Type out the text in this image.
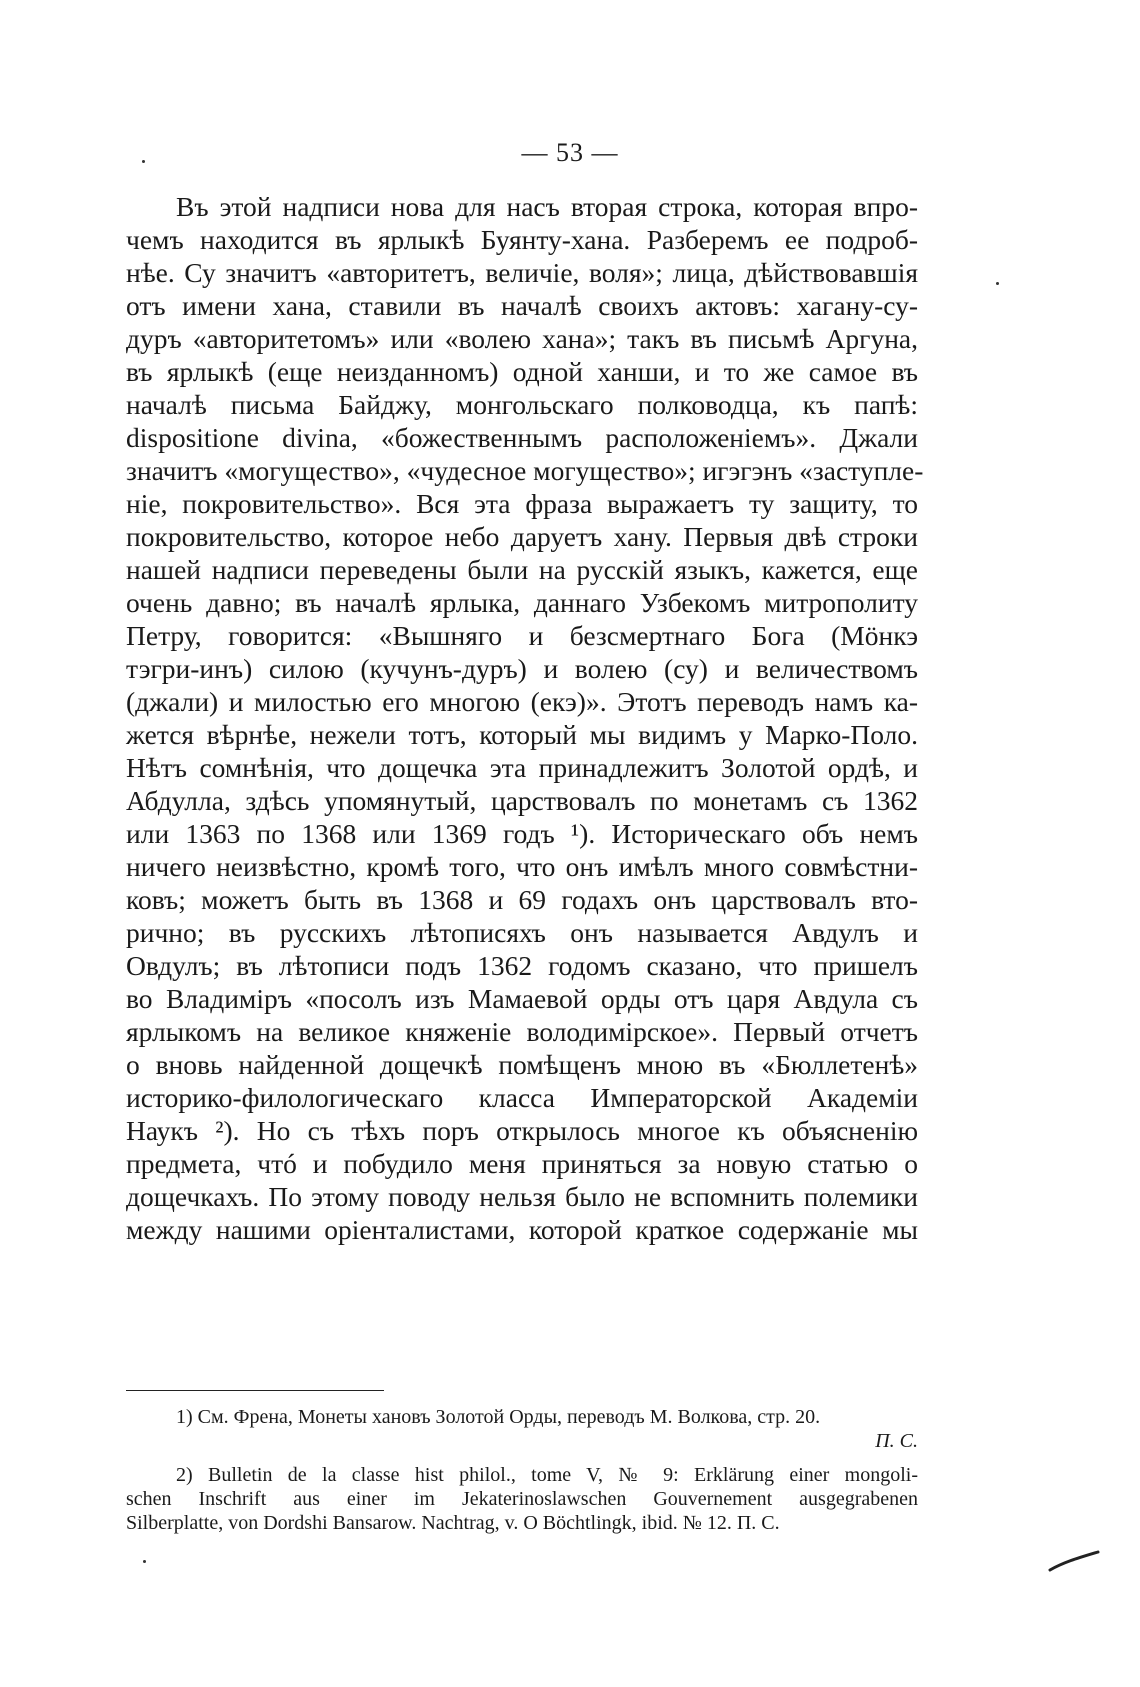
— 53 —
Въ этой надписи нова для насъ вторая строка, которая впро-
чемъ находится въ ярлыкѣ Буянту-хана. Разберемъ ее подроб-
нѣе. Су значитъ «авторитетъ, величіе, воля»; лица, дѣйствовавшія
отъ имени хана, ставили въ началѣ своихъ актовъ: хагану-су-
дуръ «авторитетомъ» или «волею хана»; такъ въ письмѣ Аргуна,
въ ярлыкѣ (еще неизданномъ) одной ханши, и то же самое въ
началѣ письма Байджу, монгольскаго полководца, къ папѣ:
dispositione divina, «божественнымъ расположеніемъ». Джали
значитъ «могущество», «чудесное могущество»; игэгэнъ «заступле-
ніе, покровительство». Вся эта фраза выражаетъ ту защиту, то
покровительство, которое небо даруетъ хану. Первыя двѣ строки
нашей надписи переведены были на русскій языкъ, кажется, еще
очень давно; въ началѣ ярлыка, даннаго Узбекомъ митрополиту
Петру, говорится: «Вышняго и безсмертнаго Бога (Мöнкэ
тэгри-инъ) силою (кучунъ-дуръ) и волею (су) и величествомъ
(джали) и милостью его многою (екэ)». Этотъ переводъ намъ ка-
жется вѣрнѣе, нежели тотъ, который мы видимъ у Марко-Поло.
Нѣтъ сомнѣнія, что дощечка эта принадлежитъ Золотой ордѣ, и
Абдулла, здѣсь упомянутый, царствовалъ по монетамъ съ 1362
или 1363 по 1368 или 1369 годъ ¹). Историческаго объ немъ
ничего неизвѣстно, кромѣ того, что онъ имѣлъ много совмѣстни-
ковъ; можетъ быть въ 1368 и 69 годахъ онъ царствовалъ вто-
рично; въ русскихъ лѣтописяхъ онъ называется Авдулъ и
Овдулъ; въ лѣтописи подъ 1362 годомъ сказано, что пришелъ
во Владиміръ «посолъ изъ Мамаевой орды отъ царя Авдула съ
ярлыкомъ на великое княженіе володимірское». Первый отчетъ
о вновь найденной дощечкѣ помѣщенъ мною въ «Бюллетенѣ»
историко-филологическаго класса Императорской Академіи
Наукъ ²). Но съ тѣхъ поръ открылось многое къ объясненію
предмета, чтó и побудило меня приняться за новую статью о
дощечкахъ. По этому поводу нельзя было не вспомнить полемики
между нашими оріенталистами, которой краткое содержаніе мы
1) См. Френа, Монеты хановъ Золотой Орды, переводъ М. Волкова, стр. 20.
П. С.
2) Bulletin de la classe hist philol., tome V, № 9: Erklärung einer mongoli-
schen Inschrift aus einer im Jekaterinoslawschen Gouvernement ausgegrabenen
Silberplatte, von Dordshi Bansarow. Nachtrag, v. O Böchtlingk, ibid. № 12. П. С.
